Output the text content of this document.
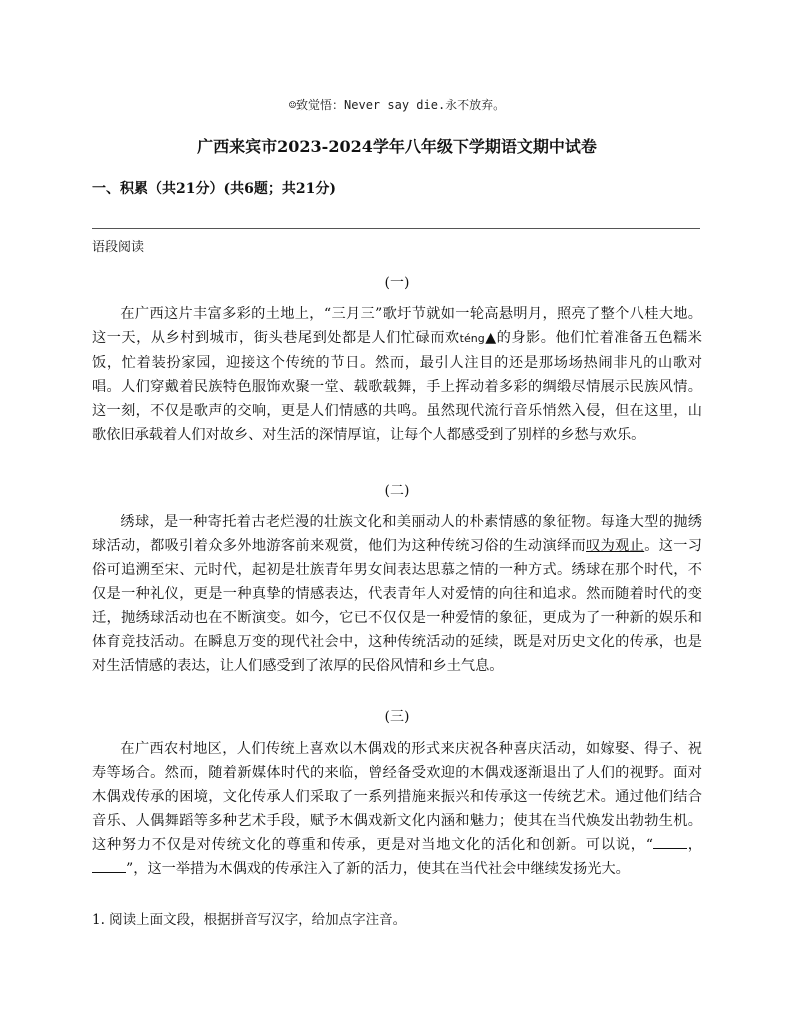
☺致觉悟：Never say die.永不放弃。
广西来宾市2023-2024学年八年级下学期语文期中试卷
一、积累（共21分）(共6题；共21分)
语段阅读
(一)

在广西这片丰富多彩的土地上，“三月三”歌圩节就如一轮高悬明月，照亮了整个八桂大地。这一天，从乡村到城市，街头巷尾到处都是人们忙碌而欢téng▲的身影。他们忙着准备五色糯米饭，忙着装扮家园，迎接这个传统的节日。然而，最引人注目的还是那场场热闹非凡的山歌对唱。人们穿戴着民族特色服饰欢聚一堂、载歌载舞，手上挥动着多彩的绸缎尽情展示民族风情。这一刻，不仅是歌声的交响，更是人们情感的共鸣。虽然现代流行音乐悄然入侵，但在这里，山歌依旧承载着人们对故乡、对生活的深情厚谊，让每个人都感受到了别样的乡愁与欢乐。

(二)

绣球，是一种寄托着古老烂漫的壮族文化和美丽动人的朴素情感的象征物。每逢大型的抛绣球活动，都吸引着众多外地游客前来观赏，他们为这种传统习俗的生动演绎而叹为观止。这一习俗可追溯至宋、元时代，起初是壮族青年男女间表达思慕之情的一种方式。绣球在那个时代，不仅是一种礼仪，更是一种真挚的情感表达，代表青年人对爱情的向往和追求。然而随着时代的变迁，抛绣球活动也在不断演变。如今，它已不仅仅是一种爱情的象征，更成为了一种新的娱乐和体育竞技活动。在瞬息万变的现代社会中，这种传统活动的延续，既是对历史文化的传承，也是对生活情感的表达，让人们感受到了浓厚的民俗风情和乡土气息。

(三)

在广西农村地区，人们传统上喜欢以木偶戏的形式来庆祝各种喜庆活动，如嫁娶、得子、祝寿等场合。然而，随着新媒体时代的来临，曾经备受欢迎的木偶戏逐渐退出了人们的视野。面对木偶戏传承的困境，文化传承人们采取了一系列措施来振兴和传承这一传统艺术。通过他们结合音乐、人偶舞蹈等多种艺术手段，赋予木偶戏新文化内涵和魅力；使其在当代焕发出勃勃生机。这种努力不仅是对传统文化的尊重和传承，更是对当地文化的活化和创新。可以说，“ ，”，这一举措为木偶戏的传承注入了新的活力，使其在当代社会中继续发扬光大。

1. 阅读上面文段，根据拼音写汉字，给加点字注音。
